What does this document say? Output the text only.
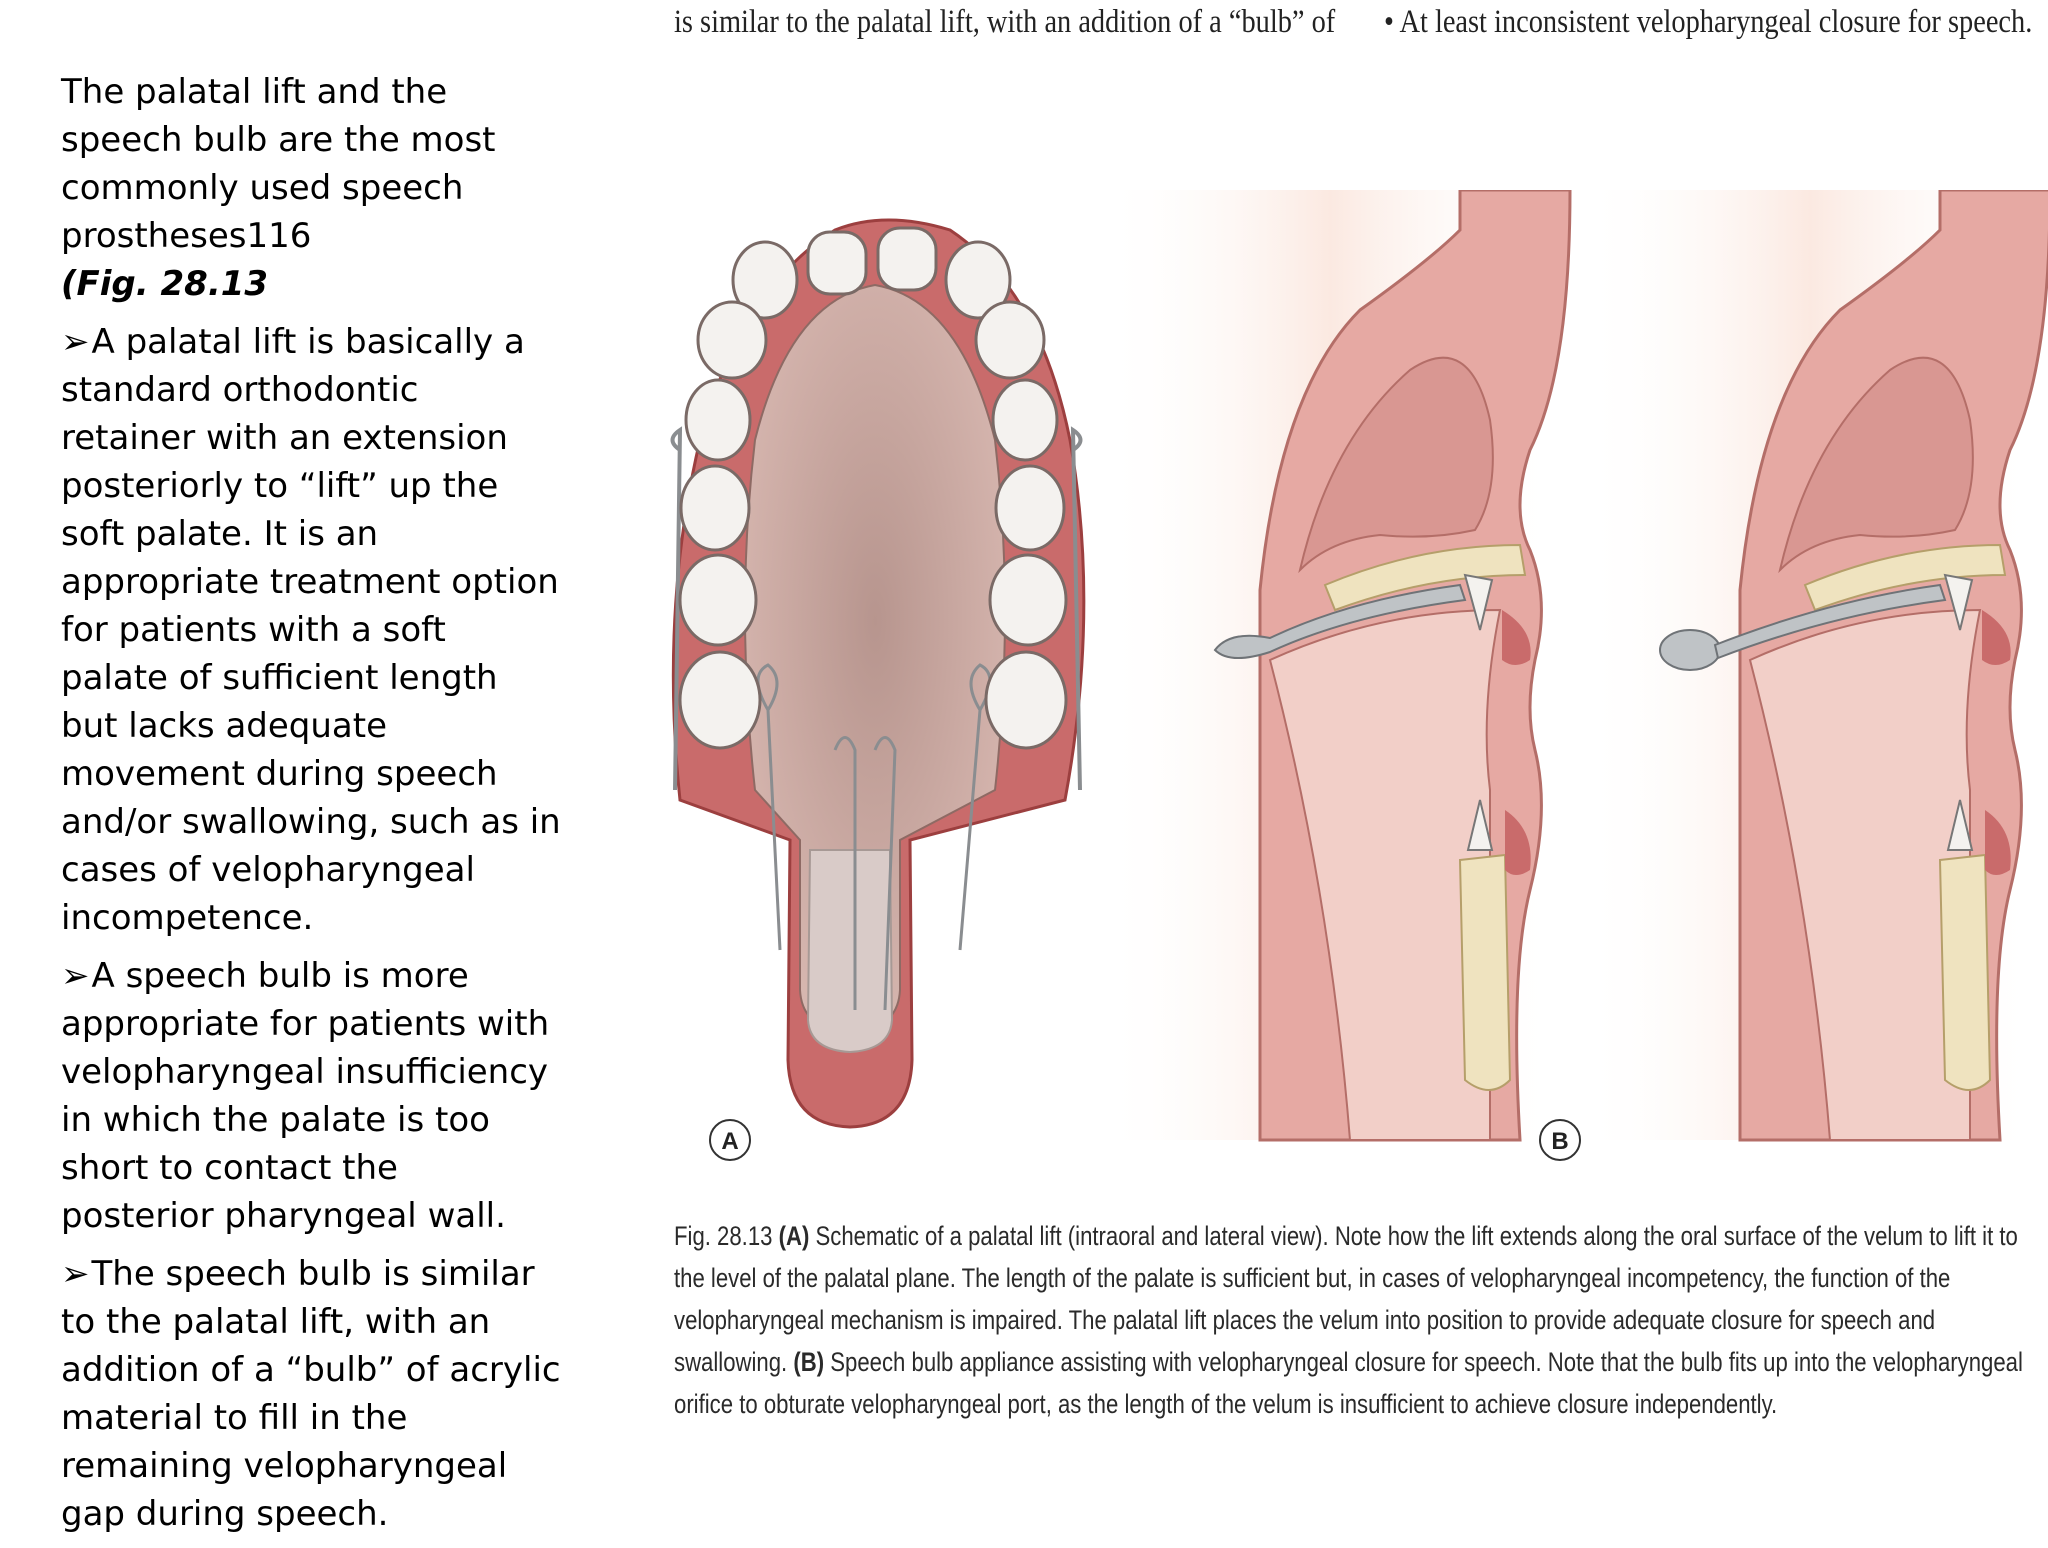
The palatal lift and the speech bulb are the most commonly used speech prostheses116
(Fig. 28.13

➢A palatal lift is basically a standard orthodontic retainer with an extension posteriorly to “lift” up the soft palate. It is an appropriate treatment option for patients with a soft palate of sufficient length but lacks adequate movement during speech and/or swallowing, such as in cases of velopharyngeal incompetence.

➢A speech bulb is more appropriate for patients with velopharyngeal insufficiency in which the palate is too short to contact the posterior pharyngeal wall.

➢The speech bulb is similar to the palatal lift, with an addition of a “bulb” of acrylic material to fill in the remaining velopharyngeal gap during speech.

is similar to the palatal lift, with an addition of a “bulb” of • At least inconsistent velopharyngeal closure for speech.
A	B
Fig. 28.13 (A) Schematic of a palatal lift (intraoral and lateral view). Note how the lift extends along the oral surface of the velum to lift it to the level of the palatal plane. The length of the palate is sufficient but, in cases of velopharyngeal incompetency, the function of the velopharyngeal mechanism is impaired. The palatal lift places the velum into position to provide adequate closure for speech and swallowing. (B) Speech bulb appliance assisting with velopharyngeal closure for speech. Note that the bulb fits up into the velopharyngeal orifice to obturate velopharyngeal port, as the length of the velum is insufficient to achieve closure independently.
